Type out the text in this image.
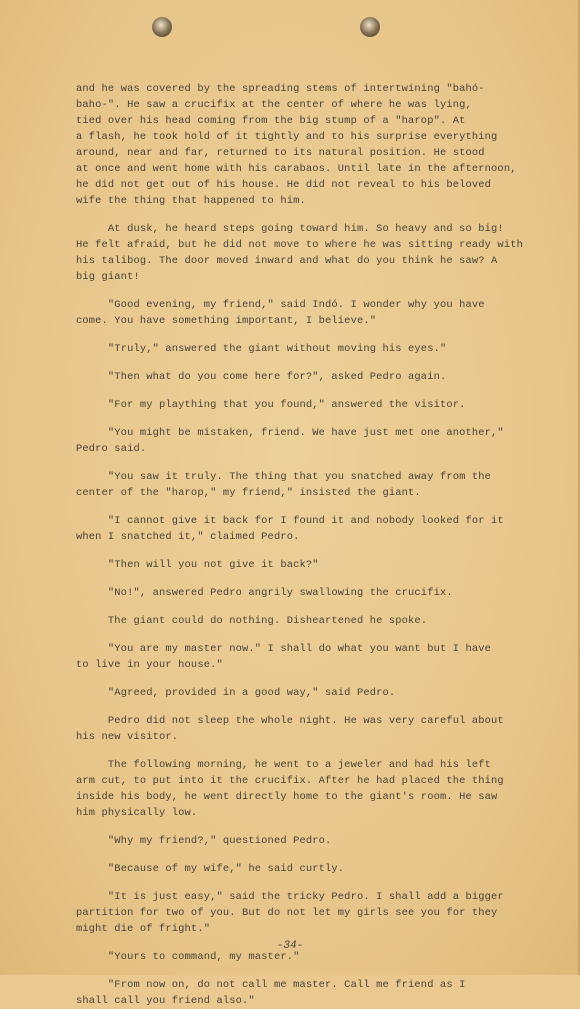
and he was covered by the spreading stems of intertwining "bahó-
baho-". He saw a crucifix at the center of where he was lying,
tied over his head coming from the big stump of a "harop". At
a flash, he took hold of it tightly and to his surprise everything
around, near and far, returned to its natural position. He stood
at once and went home with his carabaos. Until late in the afternoon,
he did not get out of his house. He did not reveal to his beloved
wife the thing that happened to him.

At dusk, he heard steps going toward him. So heavy and so big!
He felt afraid, but he did not move to where he was sitting ready with
his talibog. The door moved inward and what do you think he saw? A
big giant!

"Good evening, my friend," said Indó. I wonder why you have
come. You have something important, I believe."

"Truly," answered the giant without moving his eyes."

"Then what do you come here for?", asked Pedro again.

"For my plaything that you found," answered the visitor.

"You might be mistaken, friend. We have just met one another,"
Pedro said.

"You saw it truly. The thing that you snatched away from the
center of the "harop," my friend," insisted the giant.

"I cannot give it back for I found it and nobody looked for it
when I snatched it," claimed Pedro.

"Then will you not give it back?"

"No!", answered Pedro angrily swallowing the crucifix.

The giant could do nothing. Disheartened he spoke.

"You are my master now." I shall do what you want but I have
to live in your house."

"Agreed, provided in a good way," said Pedro.

Pedro did not sleep the whole night. He was very careful about
his new visitor.

The following morning, he went to a jeweler and had his left
arm cut, to put into it the crucifix. After he had placed the thing
inside his body, he went directly home to the giant's room. He saw
him physically low.

"Why my friend?," questioned Pedro.

"Because of my wife," he said curtly.

"It is just easy," said the tricky Pedro. I shall add a bigger
partition for two of you. But do not let my girls see you for they
might die of fright."

"Yours to command, my master."

"From now on, do not call me master. Call me friend as I
shall call you friend also."

-34-
